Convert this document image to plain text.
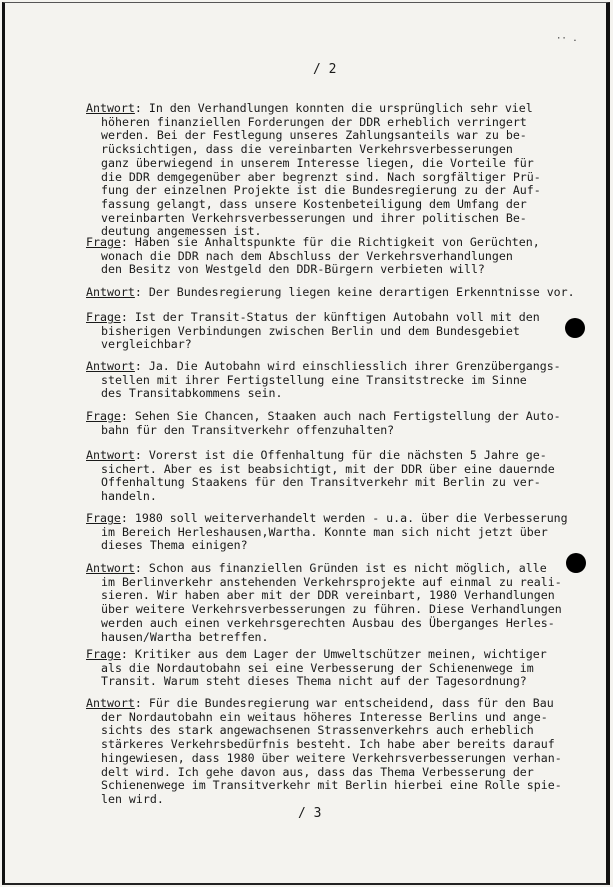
·· .
/ 2
Antwort: In den Verhandlungen konnten die ursprünglich sehr viel
höheren finanziellen Forderungen der DDR erheblich verringert
werden. Bei der Festlegung unseres Zahlungsanteils war zu be-
rücksichtigen, dass die vereinbarten Verkehrsverbesserungen
ganz überwiegend in unserem Interesse liegen, die Vorteile für
die DDR demgegenüber aber begrenzt sind. Nach sorgfältiger Prü-
fung der einzelnen Projekte ist die Bundesregierung zu der Auf-
fassung gelangt, dass unsere Kostenbeteiligung dem Umfang der
vereinbarten Verkehrsverbesserungen und ihrer politischen Be-
deutung angemessen ist.
Frage: Haben sie Anhaltspunkte für die Richtigkeit von Gerüchten,
wonach die DDR nach dem Abschluss der Verkehrsverhandlungen
den Besitz von Westgeld den DDR-Bürgern verbieten will?
Antwort: Der Bundesregierung liegen keine derartigen Erkenntnisse vor.
Frage: Ist der Transit-Status der künftigen Autobahn voll mit den
bisherigen Verbindungen zwischen Berlin und dem Bundesgebiet
vergleichbar?
Antwort: Ja. Die Autobahn wird einschliesslich ihrer Grenzübergangs-
stellen mit ihrer Fertigstellung eine Transitstrecke im Sinne
des Transitabkommens sein.
Frage: Sehen Sie Chancen, Staaken auch nach Fertigstellung der Auto-
bahn für den Transitverkehr offenzuhalten?
Antwort: Vorerst ist die Offenhaltung für die nächsten 5 Jahre ge-
sichert. Aber es ist beabsichtigt, mit der DDR über eine dauernde
Offenhaltung Staakens für den Transitverkehr mit Berlin zu ver-
handeln.
Frage: 1980 soll weiterverhandelt werden - u.a. über die Verbesserung
im Bereich Herleshausen,Wartha. Konnte man sich nicht jetzt über
dieses Thema einigen?
Antwort: Schon aus finanziellen Gründen ist es nicht möglich, alle
im Berlinverkehr anstehenden Verkehrsprojekte auf einmal zu reali-
sieren. Wir haben aber mit der DDR vereinbart, 1980 Verhandlungen
über weitere Verkehrsverbesserungen zu führen. Diese Verhandlungen
werden auch einen verkehrsgerechten Ausbau des Überganges Herles-
hausen/Wartha betreffen.
Frage: Kritiker aus dem Lager der Umweltschützer meinen, wichtiger
als die Nordautobahn sei eine Verbesserung der Schienenwege im
Transit. Warum steht dieses Thema nicht auf der Tagesordnung?
Antwort: Für die Bundesregierung war entscheidend, dass für den Bau
der Nordautobahn ein weitaus höheres Interesse Berlins und ange-
sichts des stark angewachsenen Strassenverkehrs auch erheblich
stärkeres Verkehrsbedürfnis besteht. Ich habe aber bereits darauf
hingewiesen, dass 1980 über weitere Verkehrsverbesserungen verhan-
delt wird. Ich gehe davon aus, dass das Thema Verbesserung der
Schienenwege im Transitverkehr mit Berlin hierbei eine Rolle spie-
len wird.
/ 3
